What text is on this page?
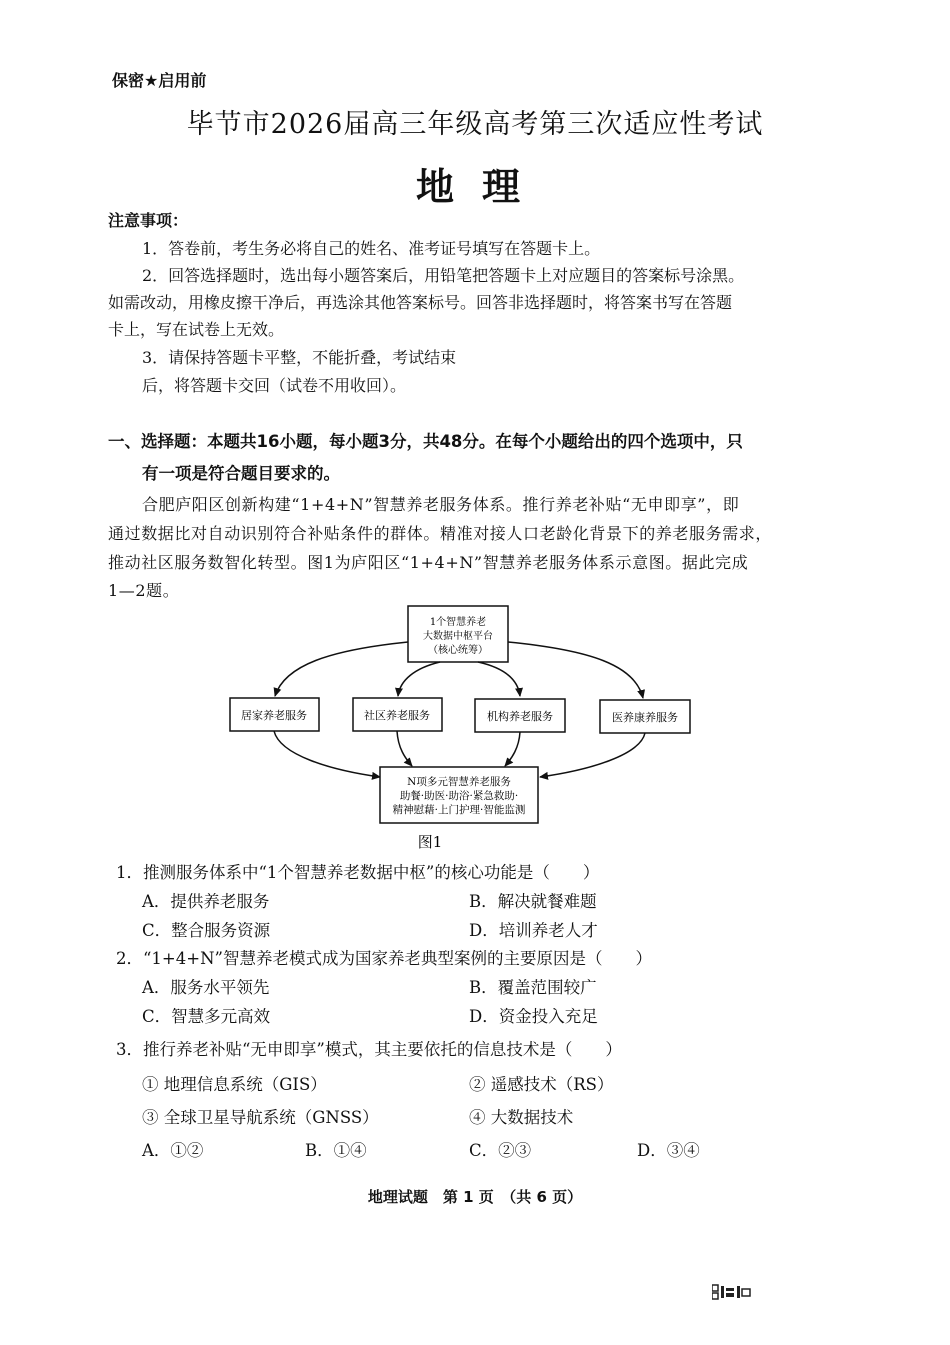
保密★启用前
毕节市2026届高三年级高考第三次适应性考试
地理
注意事项：
1．答卷前，考生务必将自己的姓名、准考证号填写在答题卡上。
2．回答选择题时，选出每小题答案后，用铅笔把答题卡上对应题目的答案标号涂黑。
如需改动，用橡皮擦干净后，再选涂其他答案标号。回答非选择题时，将答案书写在答题
卡上，写在试卷上无效。
3．请保持答题卡平整，不能折叠，考试结束
后，将答题卡交回（试卷不用收回）。
一、选择题：本题共16小题，每小题3分，共48分。在每个小题给出的四个选项中，只
有一项是符合题目要求的。
合肥庐阳区创新构建“1+4+N”智慧养老服务体系。推行养老补贴“无申即享”，即
通过数据比对自动识别符合补贴条件的群体。精准对接人口老龄化背景下的养老服务需求，
推动社区服务数智化转型。图1为庐阳区“1+4+N”智慧养老服务体系示意图。据此完成
1—2题。
1个智慧养老
大数据中枢平台
（核心统筹）
居家养老服务	社区养老服务	机构养老服务	医养康养服务
N项多元智慧养老服务
助餐·助医·助浴·紧急救助·
精神慰藉·上门护理·智能监测
图1
1．推测服务体系中“1个智慧养老数据中枢”的核心功能是（　　）
A．提供养老服务	B．解决就餐难题
C．整合服务资源	D．培训养老人才
2．“1+4+N”智慧养老模式成为国家养老典型案例的主要原因是（　　）
A．服务水平领先	B．覆盖范围较广
C．智慧多元高效	D．资金投入充足
3．推行养老补贴“无申即享”模式，其主要依托的信息技术是（　　）
① 地理信息系统（GIS）	② 遥感技术（RS）
③ 全球卫星导航系统（GNSS）	④ 大数据技术
A．①②	B．①④	C．②③	D．③④
地理试题　第 1 页　（共 6 页）
